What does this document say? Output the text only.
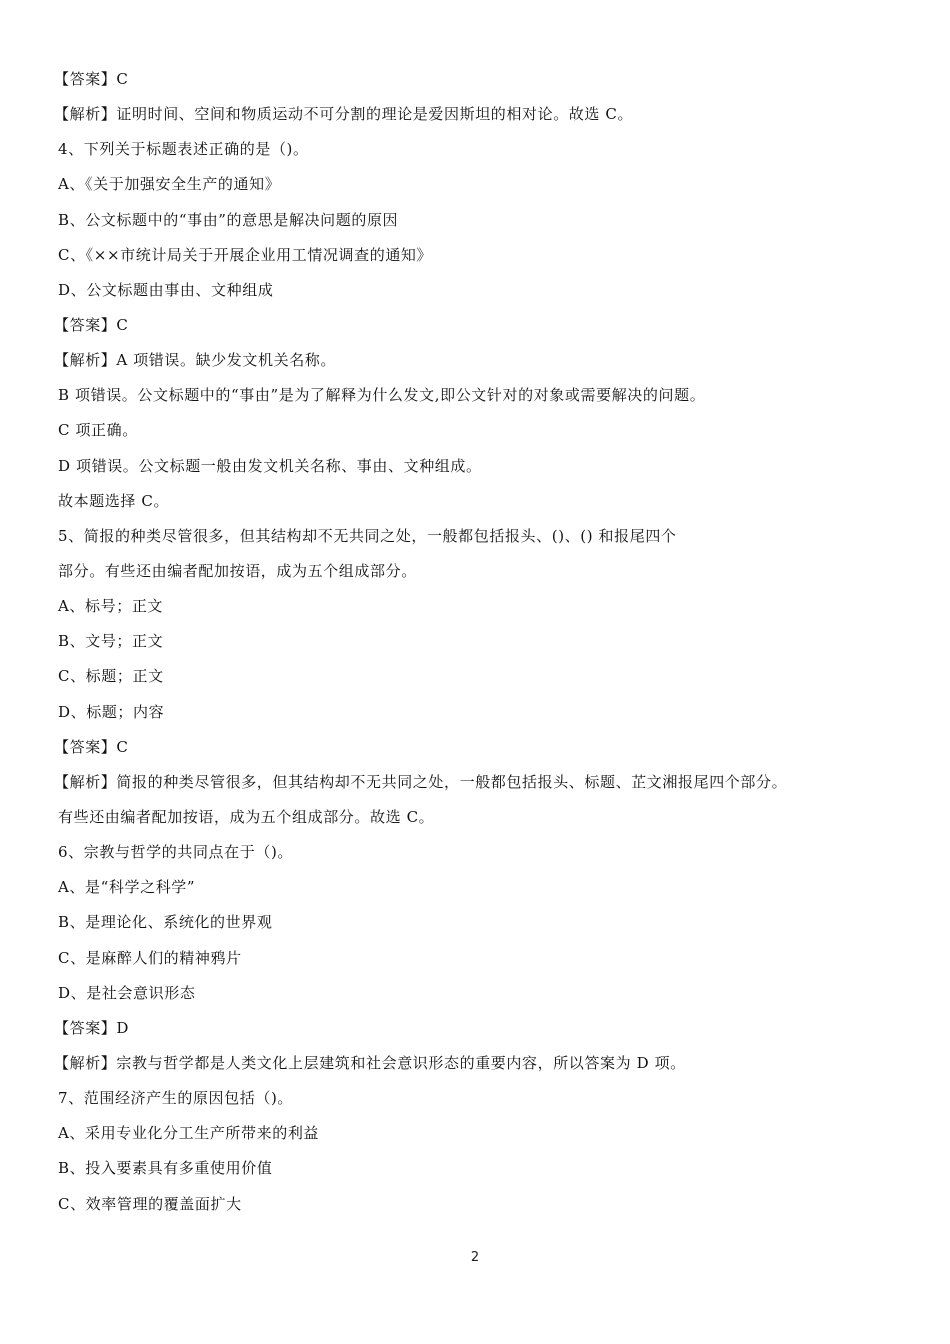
【答案】C
【解析】证明时间、空间和物质运动不可分割的理论是爱因斯坦的相对论。故选 C。
4、下列关于标题表述正确的是（)。
A、《关于加强安全生产的通知》
B、公文标题中的“事由”的意思是解决问题的原因
C、《××市统计局关于开展企业用工情况调查的通知》
D、公文标题由事由、文种组成
【答案】C
【解析】A 项错误。缺少发文机关名称。
B 项错误。公文标题中的“事由”是为了解释为什么发文,即公文针对的对象或需要解决的问题。
C 项正确。
D 项错误。公文标题一般由发文机关名称、事由、文种组成。
故本题选择 C。
5、简报的种类尽管很多，但其结构却不无共同之处，一般都包括报头、()、() 和报尾四个
部分。有些还由编者配加按语，成为五个组成部分。
A、标号；正文
B、文号；正文
C、标题；正文
D、标题；内容
【答案】C
【解析】简报的种类尽管很多，但其结构却不无共同之处，一般都包括报头、标题、芷文湘报尾四个部分。
有些还由编者配加按语，成为五个组成部分。故选 C。
6、宗教与哲学的共同点在于（)。
A、是“科学之科学”
B、是理论化、系统化的世界观
C、是麻醉人们的精神鸦片
D、是社会意识形态
【答案】D
【解析】宗教与哲学都是人类文化上层建筑和社会意识形态的重要内容，所以答案为 D 项。
7、范围经济产生的原因包括（)。
A、采用专业化分工生产所带来的利益
B、投入要素具有多重使用价值
C、效率管理的覆盖面扩大
2
